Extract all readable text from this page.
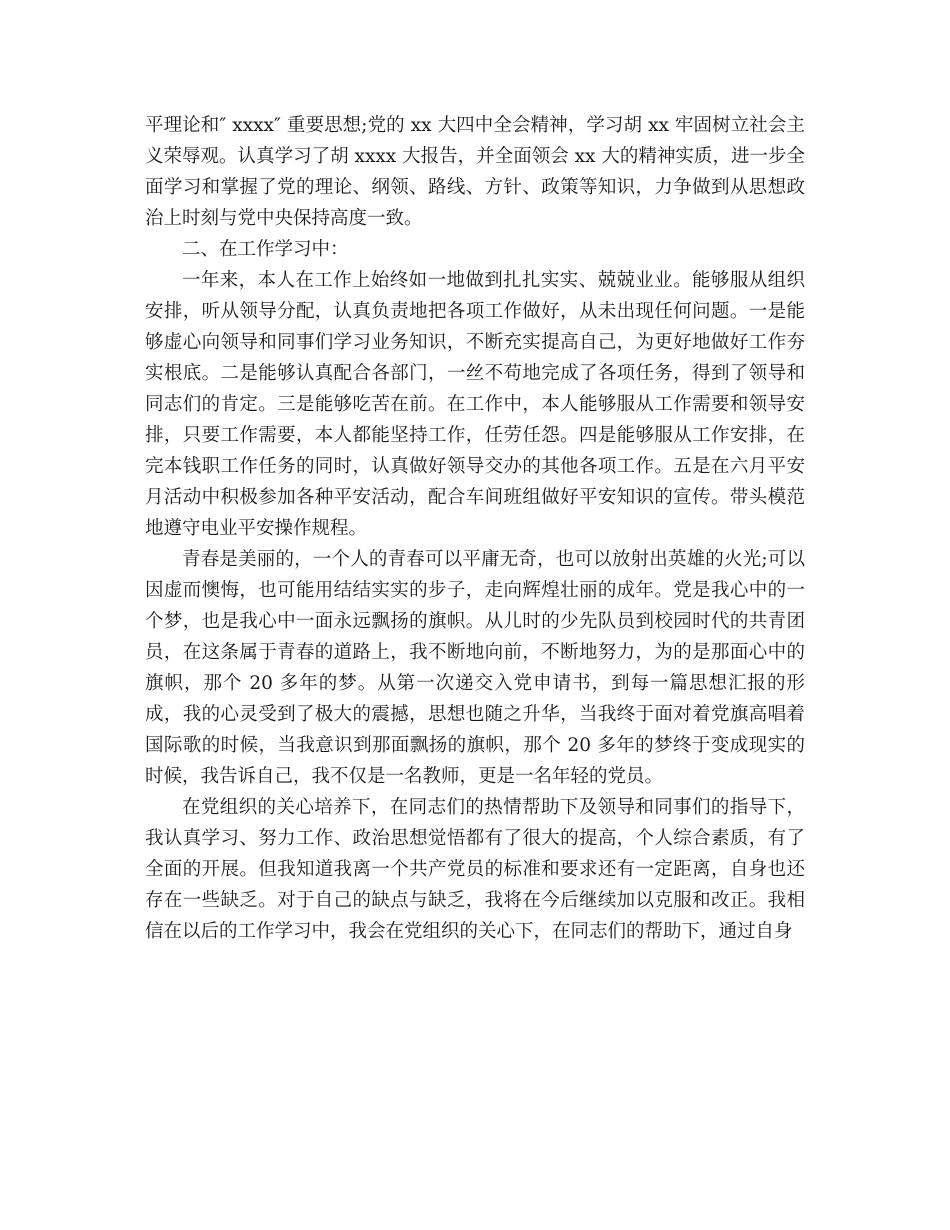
平理论和″ xxxx″ 重要思想;党的 xx 大四中全会精神，学习胡 xx 牢固树立社会主义荣辱观。认真学习了胡 xxxx 大报告，并全面领会 xx 大的精神实质，进一步全面学习和掌握了党的理论、纲领、路线、方针、政策等知识，力争做到从思想政治上时刻与党中央保持高度一致。

二、在工作学习中：

一年来，本人在工作上始终如一地做到扎扎实实、兢兢业业。能够服从组织安排，听从领导分配，认真负责地把各项工作做好，从未出现任何问题。一是能够虚心向领导和同事们学习业务知识，不断充实提高自己，为更好地做好工作夯实根底。二是能够认真配合各部门，一丝不苟地完成了各项任务，得到了领导和同志们的肯定。三是能够吃苦在前。在工作中，本人能够服从工作需要和领导安排，只要工作需要，本人都能坚持工作，任劳任怨。四是能够服从工作安排，在完本钱职工作任务的同时，认真做好领导交办的其他各项工作。五是在六月平安月活动中积极参加各种平安活动，配合车间班组做好平安知识的宣传。带头模范地遵守电业平安操作规程。

青春是美丽的，一个人的青春可以平庸无奇，也可以放射出英雄的火光;可以因虚而懊悔，也可能用结结实实的步子，走向辉煌壮丽的成年。党是我心中的一个梦，也是我心中一面永远飘扬的旗帜。从儿时的少先队员到校园时代的共青团员，在这条属于青春的道路上，我不断地向前，不断地努力，为的是那面心中的旗帜，那个 20 多年的梦。从第一次递交入党申请书，到每一篇思想汇报的形成，我的心灵受到了极大的震撼，思想也随之升华，当我终于面对着党旗高唱着国际歌的时候，当我意识到那面飘扬的旗帜，那个 20 多年的梦终于变成现实的时候，我告诉自己，我不仅是一名教师，更是一名年轻的党员。

在党组织的关心培养下，在同志们的热情帮助下及领导和同事们的指导下，我认真学习、努力工作、政治思想觉悟都有了很大的提高，个人综合素质，有了全面的开展。但我知道我离一个共产党员的标准和要求还有一定距离，自身也还存在一些缺乏。对于自己的缺点与缺乏，我将在今后继续加以克服和改正。我相信在以后的工作学习中，我会在党组织的关心下，在同志们的帮助下，通过自身
